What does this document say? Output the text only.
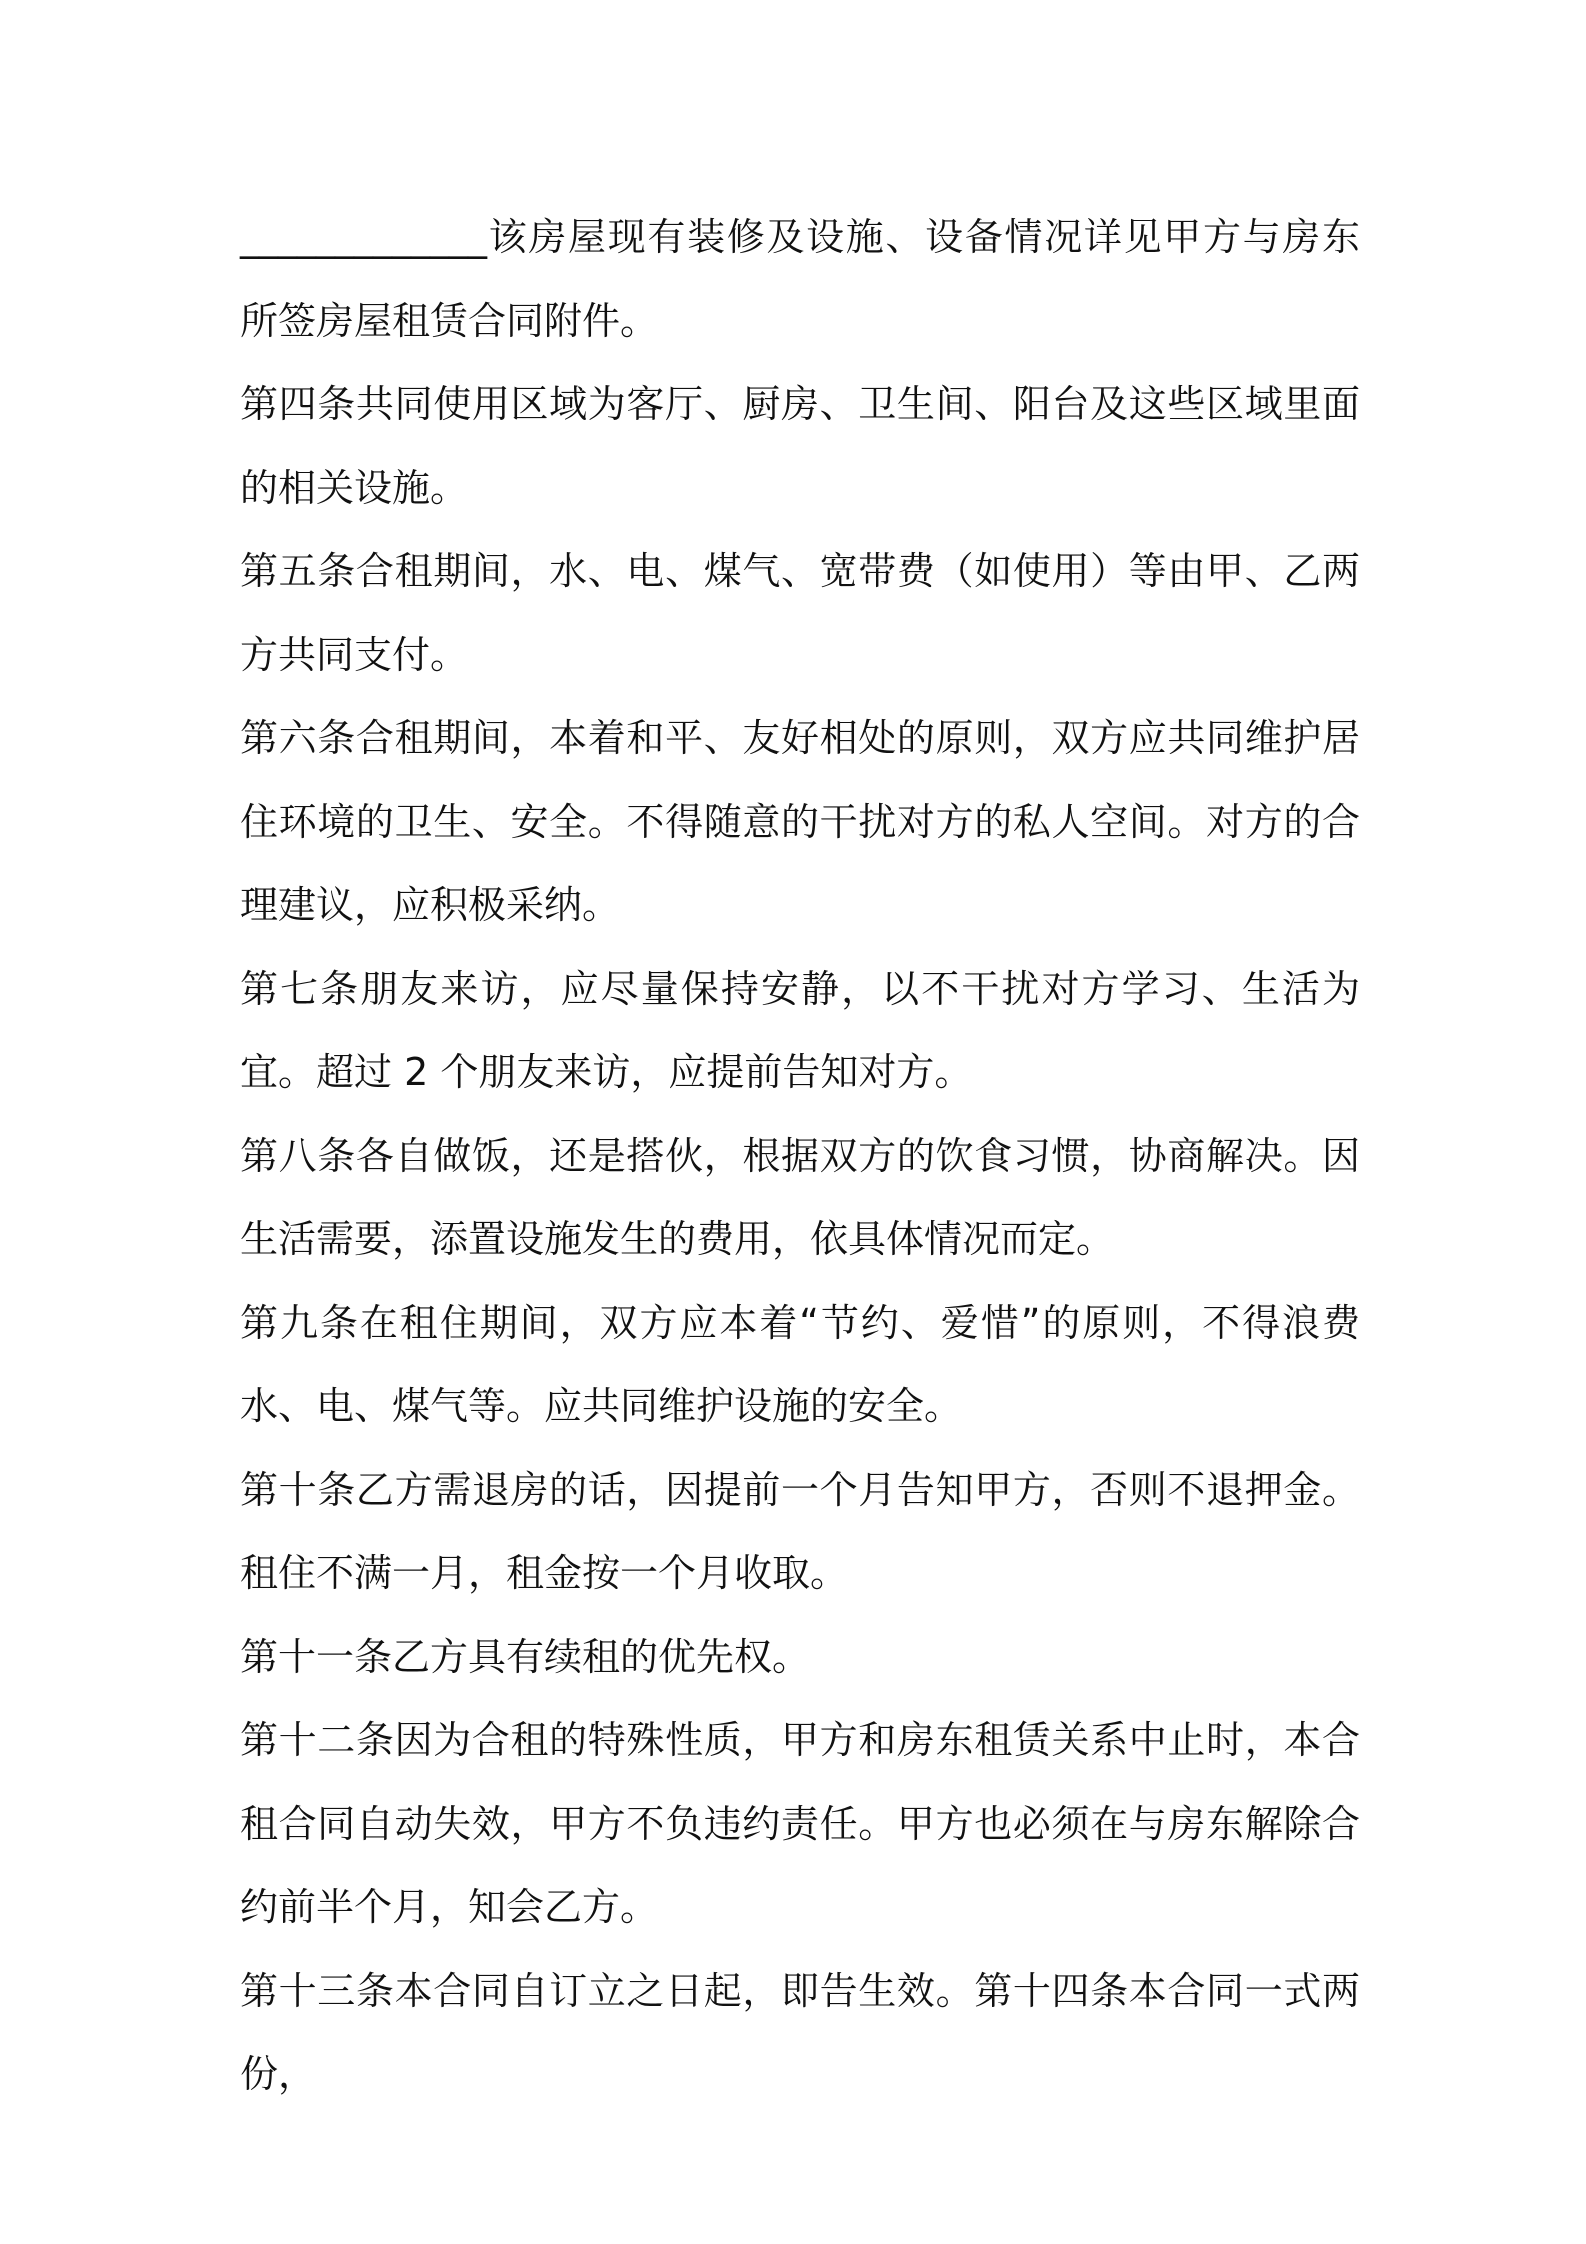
_____________该房屋现有装修及设施、设备情况详见甲方与房东所签房屋租赁合同附件。

第四条共同使用区域为客厅、厨房、卫生间、阳台及这些区域里面的相关设施。

第五条合租期间，水、电、煤气、宽带费（如使用）等由甲、乙两方共同支付。

第六条合租期间，本着和平、友好相处的原则，双方应共同维护居住环境的卫生、安全。不得随意的干扰对方的私人空间。对方的合理建议，应积极采纳。

第七条朋友来访，应尽量保持安静，以不干扰对方学习、生活为宜。超过 2 个朋友来访，应提前告知对方。

第八条各自做饭，还是搭伙，根据双方的饮食习惯，协商解决。因生活需要，添置设施发生的费用，依具体情况而定。

第九条在租住期间，双方应本着“节约、爱惜”的原则，不得浪费水、电、煤气等。应共同维护设施的安全。

第十条乙方需退房的话，因提前一个月告知甲方，否则不退押金。租住不满一月，租金按一个月收取。

第十一条乙方具有续租的优先权。

第十二条因为合租的特殊性质，甲方和房东租赁关系中止时，本合租合同自动失效，甲方不负违约责任。甲方也必须在与房东解除合约前半个月，知会乙方。

第十三条本合同自订立之日起，即告生效。第十四条本合同一式两份，
